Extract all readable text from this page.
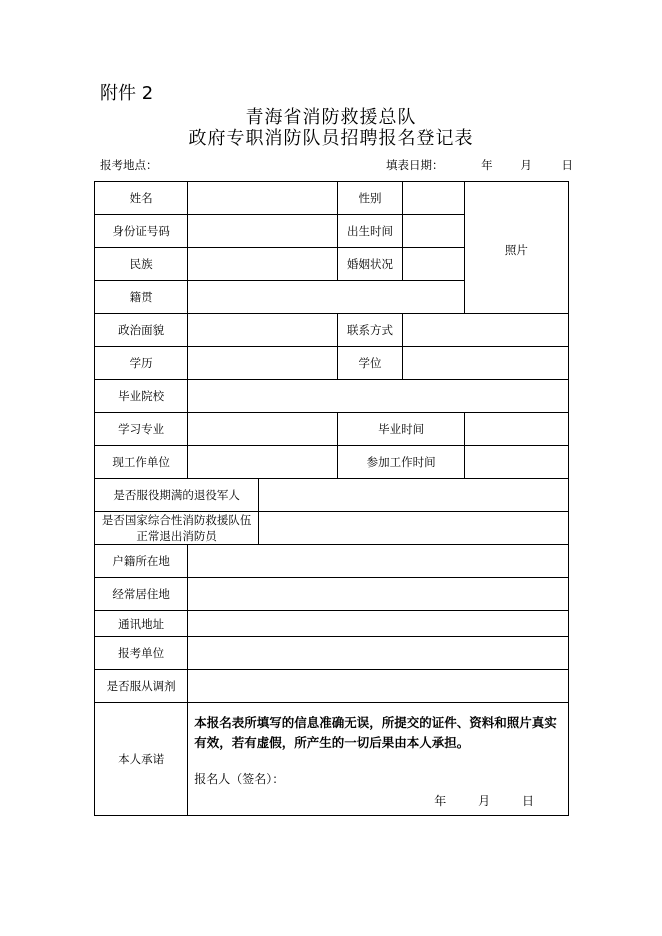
附件 2
青海省消防救援总队
政府专职消防队员招聘报名登记表
报考地点：	填表日期：	年 月	日
姓名			性别		照片
身份证号码			出生时间		
民族			婚姻状况		
籍贯					
政治面貌			联系方式		
学历			学位		
毕业院校					
学习专业			毕业时间		
现工作单位			参加工作时间		
是否服役期满的退役军人					
是否国家综合性消防救援队伍正常退出消防员					
户籍所在地					
经常居住地					
通讯地址					
报考单位					
是否服从调剂					
本人承诺	本报名表所填写的信息准确无误，所提交的证件、资料和照片真实有效，若有虚假，所产生的一切后果由本人承担。
报名人（签名）：
年 月 日				
